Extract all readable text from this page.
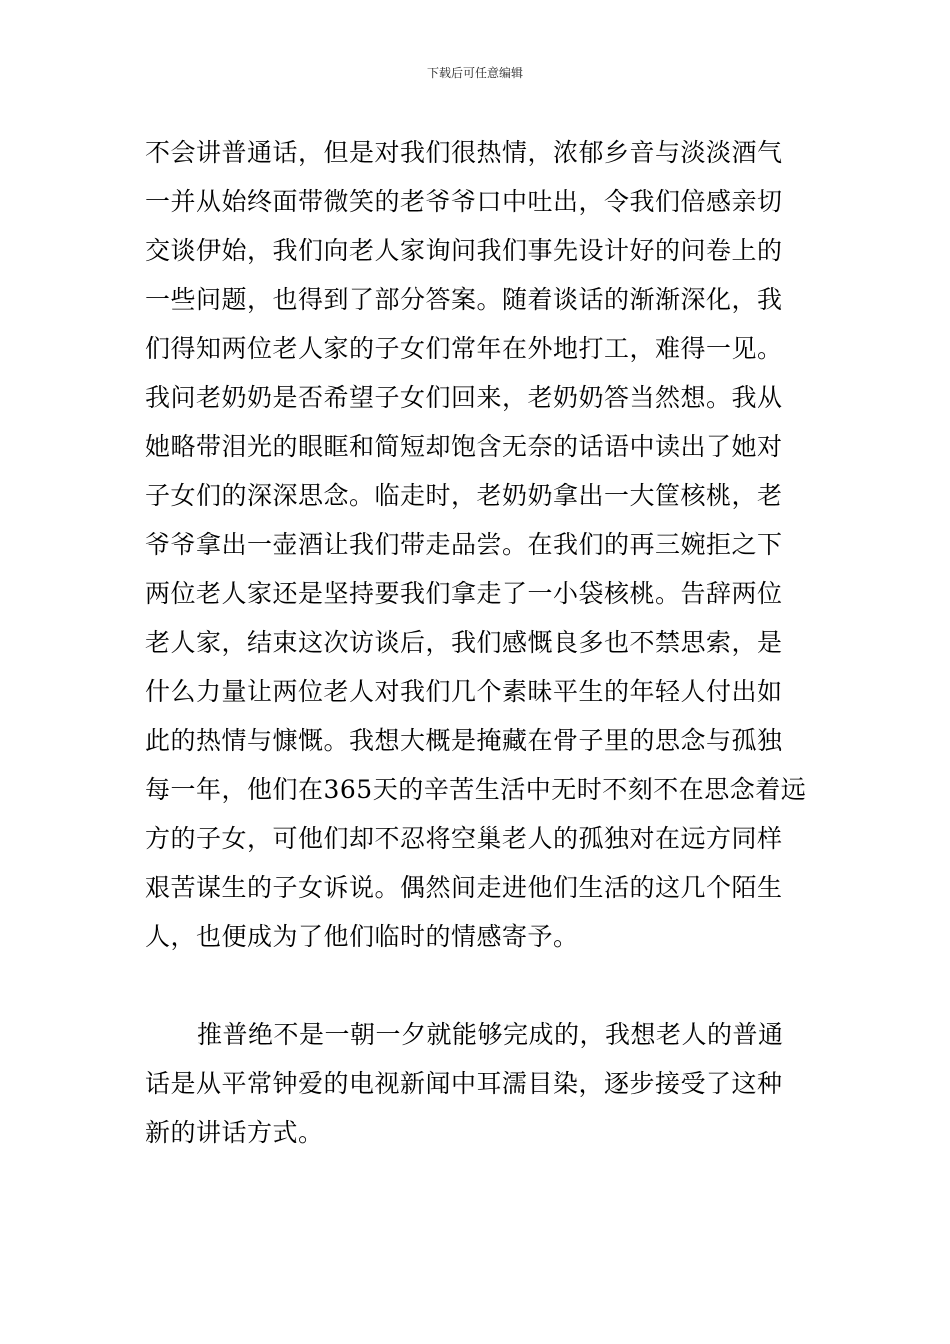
下载后可任意编辑
不会讲普通话，但是对我们很热情，浓郁乡音与淡淡酒气
一并从始终面带微笑的老爷爷口中吐出，令我们倍感亲切
交谈伊始，我们向老人家询问我们事先设计好的问卷上的
一些问题，也得到了部分答案。随着谈话的渐渐深化，我
们得知两位老人家的子女们常年在外地打工，难得一见。
我问老奶奶是否希望子女们回来，老奶奶答当然想。我从
她略带泪光的眼眶和简短却饱含无奈的话语中读出了她对
子女们的深深思念。临走时，老奶奶拿出一大筐核桃，老
爷爷拿出一壶酒让我们带走品尝。在我们的再三婉拒之下
两位老人家还是坚持要我们拿走了一小袋核桃。告辞两位
老人家，结束这次访谈后，我们感慨良多也不禁思索，是
什么力量让两位老人对我们几个素昧平生的年轻人付出如
此的热情与慷慨。我想大概是掩藏在骨子里的思念与孤独
每一年，他们在365天的辛苦生活中无时不刻不在思念着远
方的子女，可他们却不忍将空巢老人的孤独对在远方同样
艰苦谋生的子女诉说。偶然间走进他们生活的这几个陌生
人，也便成为了他们临时的情感寄予。
推普绝不是一朝一夕就能够完成的，我想老人的普通
话是从平常钟爱的电视新闻中耳濡目染，逐步接受了这种
新的讲话方式。
